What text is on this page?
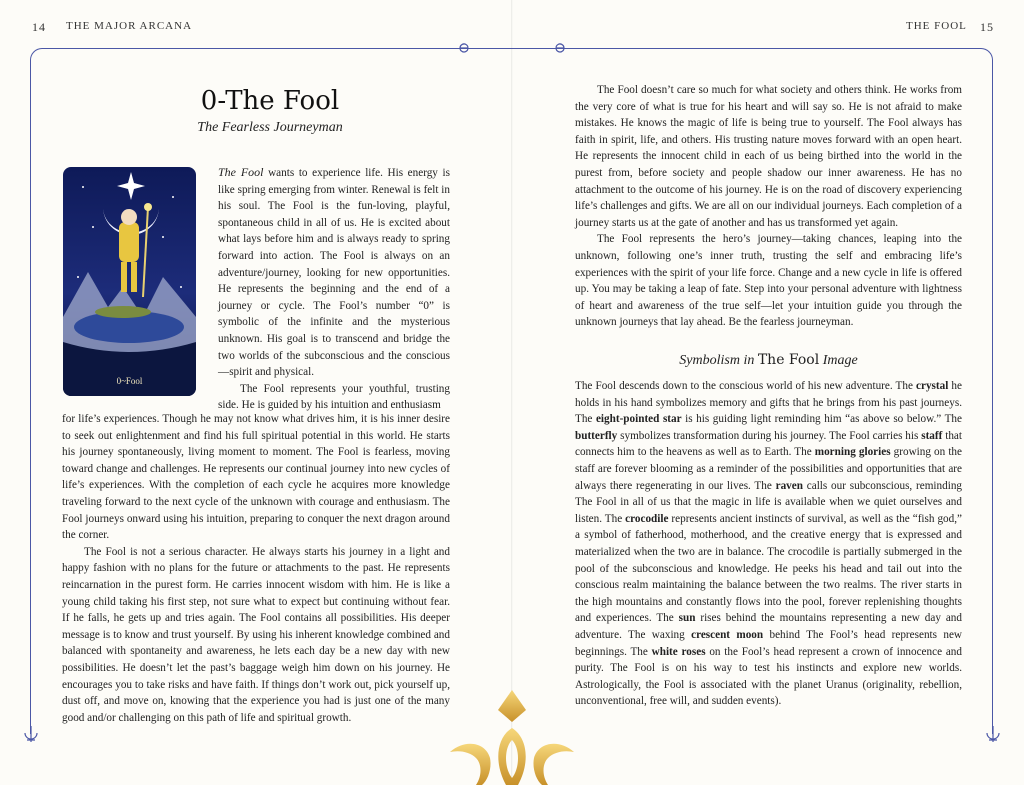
14 THE MAJOR ARCANA	THE FOOL 15
0-The Fool
The Fearless Journeyman
0~Fool

The Fool wants to experience life. His energy is like spring emerging from winter. Renewal is felt in his soul. The Fool is the fun-loving, playful, spontaneous child in all of us. He is excited about what lays before him and is always ready to spring forward into action. The Fool is always on an adventure/journey, looking for new opportunities. He represents the beginning and the end of a journey or cycle. The Fool’s number “0” is symbolic of the infinite and the mysterious unknown. His goal is to transcend and bridge the two worlds of the subconscious and the conscious—spirit and physical.

The Fool represents your youthful, trusting side. He is guided by his intuition and enthusiasm

for life’s experiences. Though he may not know what drives him, it is his inner desire to seek out enlightenment and find his full spiritual potential in this world. He starts his journey spontaneously, living moment to moment. The Fool is fearless, moving toward change and challenges. He represents our continual journey into new cycles of life’s experiences. With the completion of each cycle he acquires more knowledge traveling forward to the next cycle of the unknown with courage and enthusiasm. The Fool journeys onward using his intuition, preparing to conquer the next dragon around the corner.

The Fool is not a serious character. He always starts his journey in a light and happy fashion with no plans for the future or attachments to the past. He represents reincarnation in the purest form. He carries innocent wisdom with him. He is like a young child taking his first step, not sure what to expect but continuing without fear. If he falls, he gets up and tries again. The Fool contains all possibilities. His deeper message is to know and trust yourself. By using his inherent knowledge combined and balanced with spontaneity and awareness, he lets each day be a new day with new possibilities. He doesn’t let the past’s baggage weigh him down on his journey. He encourages you to take risks and have faith. If things don’t work out, pick yourself up, dust off, and move on, knowing that the experience you had is just one of the many good and/or challenging on this path of life and spiritual growth.

The Fool doesn’t care so much for what society and others think. He works from the very core of what is true for his heart and will say so. He is not afraid to make mistakes. He knows the magic of life is being true to yourself. The Fool always has faith in spirit, life, and others. His trusting nature moves forward with an open heart. He represents the innocent child in each of us being birthed into the world in the purest from, before society and people shadow our inner awareness. He has no attachment to the outcome of his journey. He is on the road of discovery experiencing life’s challenges and gifts. We are all on our individual journeys. Each completion of a journey starts us at the gate of another and has us transformed yet again.

The Fool represents the hero’s journey—taking chances, leaping into the unknown, following one’s inner truth, trusting the self and embracing life’s experiences with the spirit of your life force. Change and a new cycle in life is offered up. You may be taking a leap of fate. Step into your personal adventure with lightness of heart and awareness of the true self—let your intuition guide you through the unknown journeys that lay ahead. Be the fearless journeyman.

Symbolism in The Fool Image

The Fool descends down to the conscious world of his new adventure. The crystal he holds in his hand symbolizes memory and gifts that he brings from his past journeys. The eight-pointed star is his guiding light reminding him “as above so below.” The butterfly symbolizes transformation during his journey. The Fool carries his staff that connects him to the heavens as well as to Earth. The morning glories growing on the staff are forever blooming as a reminder of the possibilities and opportunities that are always there regenerating in our lives. The raven calls our subconscious, reminding The Fool in all of us that the magic in life is available when we quiet ourselves and listen. The crocodile represents ancient instincts of survival, as well as the “fish god,” a symbol of fatherhood, motherhood, and the creative energy that is expressed and materialized when the two are in balance. The crocodile is partially submerged in the pool of the subconscious and knowledge. He peeks his head and tail out into the conscious realm maintaining the balance between the two realms. The river starts in the high mountains and constantly flows into the pool, forever replenishing thoughts and experiences. The sun rises behind the mountains representing a new day and adventure. The waxing crescent moon behind The Fool’s head represents new beginnings. The white roses on the Fool’s head represent a crown of innocence and purity. The Fool is on his way to test his instincts and explore new worlds. Astrologically, the Fool is associated with the planet Uranus (originality, rebellion, unconventional, free will, and sudden events).
